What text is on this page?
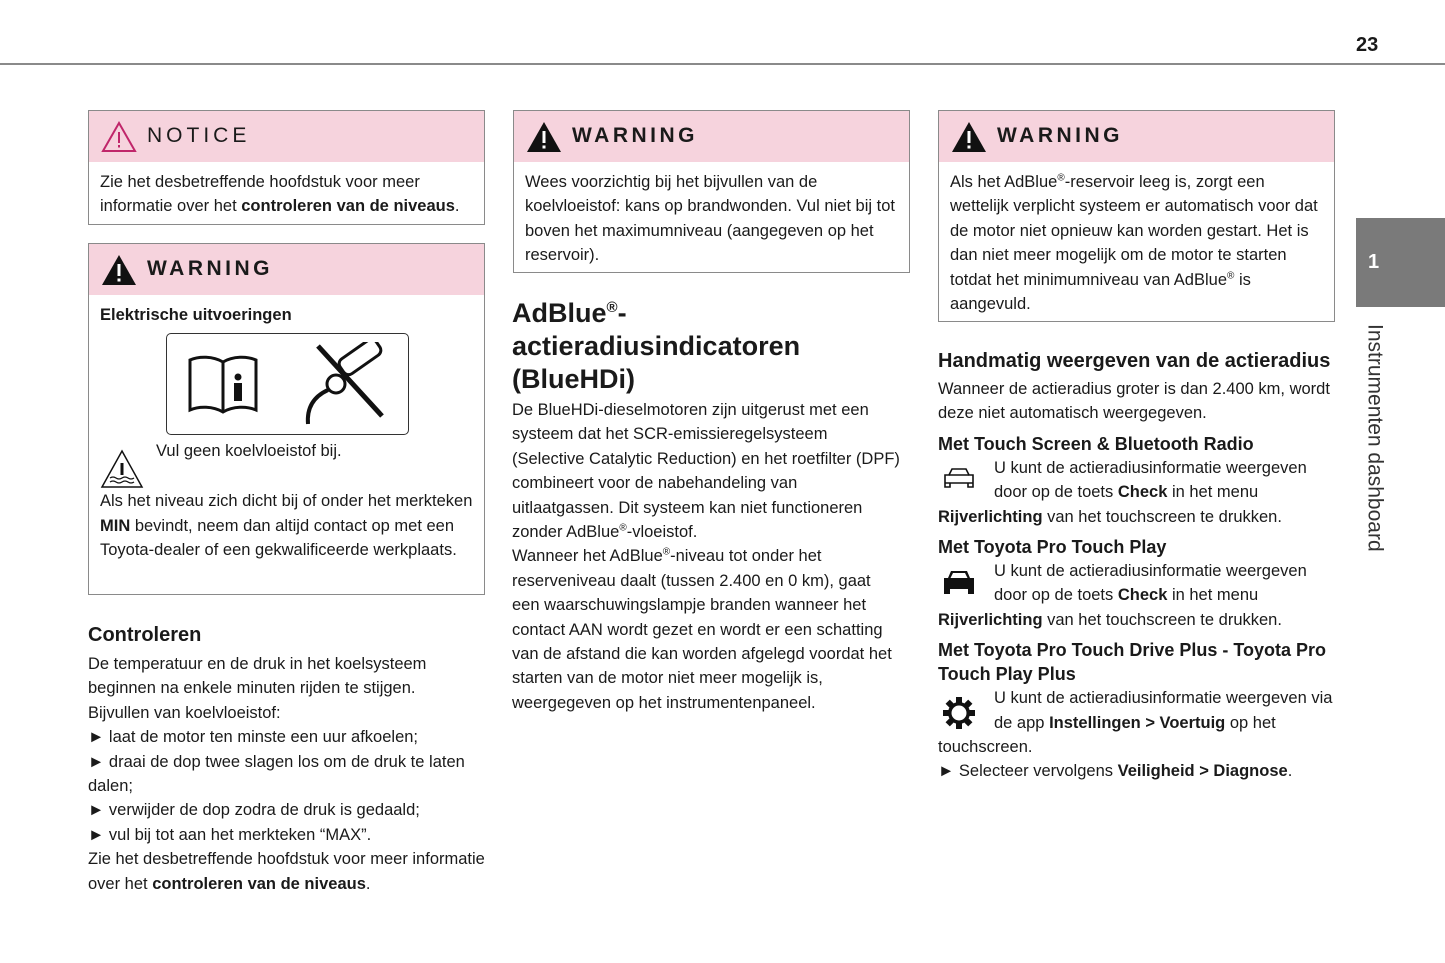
23
1
Instrumenten dashboard
NOTICE
Zie het desbetreffende hoofdstuk voor meer informatie over het controleren van de niveaus.
WARNING
Elektrische uitvoeringen
Vul geen koelvloeistof bij.
Als het niveau zich dicht bij of onder het merkteken MIN bevindt, neem dan altijd contact op met een Toyota-dealer of een gekwalificeerde werkplaats.
Controleren
De temperatuur en de druk in het koelsysteem beginnen na enkele minuten rijden te stijgen.
Bijvullen van koelvloeistof:
► laat de motor ten minste een uur afkoelen;
► draai de dop twee slagen los om de druk te laten dalen;
► verwijder de dop zodra de druk is gedaald;
► vul bij tot aan het merkteken “MAX”.
Zie het desbetreffende hoofdstuk voor meer informatie over het controleren van de niveaus.
WARNING
Wees voorzichtig bij het bijvullen van de koelvloeistof: kans op brandwonden. Vul niet bij tot boven het maximumniveau (aangegeven op het reservoir).
AdBlue®-actieradiusindicatoren (BlueHDi)
De BlueHDi-dieselmotoren zijn uitgerust met een systeem dat het SCR-emissieregelsysteem (Selective Catalytic Reduction) en het roetfilter (DPF) combineert voor de nabehandeling van uitlaatgassen. Dit systeem kan niet functioneren zonder AdBlue®-vloeistof.
Wanneer het AdBlue®-niveau tot onder het reserveniveau daalt (tussen 2.400 en 0 km), gaat een waarschuwingslampje branden wanneer het contact AAN wordt gezet en wordt er een schatting van de afstand die kan worden afgelegd voordat het starten van de motor niet meer mogelijk is, weergegeven op het instrumentenpaneel.
WARNING
Als het AdBlue®-reservoir leeg is, zorgt een wettelijk verplicht systeem er automatisch voor dat de motor niet opnieuw kan worden gestart. Het is dan niet meer mogelijk om de motor te starten totdat het minimumniveau van AdBlue® is aangevuld.
Handmatig weergeven van de actieradius
Wanneer de actieradius groter is dan 2.400 km, wordt deze niet automatisch weergegeven.
Met Touch Screen & Bluetooth Radio
U kunt de actieradiusinformatie weergeven door op de toets Check in het menu
Rijverlichting van het touchscreen te drukken.
Met Toyota Pro Touch Play
U kunt de actieradiusinformatie weergeven door op de toets Check in het menu
Rijverlichting van het touchscreen te drukken.
Met Toyota Pro Touch Drive Plus - Toyota Pro Touch Play Plus
U kunt de actieradiusinformatie weergeven via de app Instellingen > Voertuig op het
touchscreen.
► Selecteer vervolgens Veiligheid > Diagnose.
